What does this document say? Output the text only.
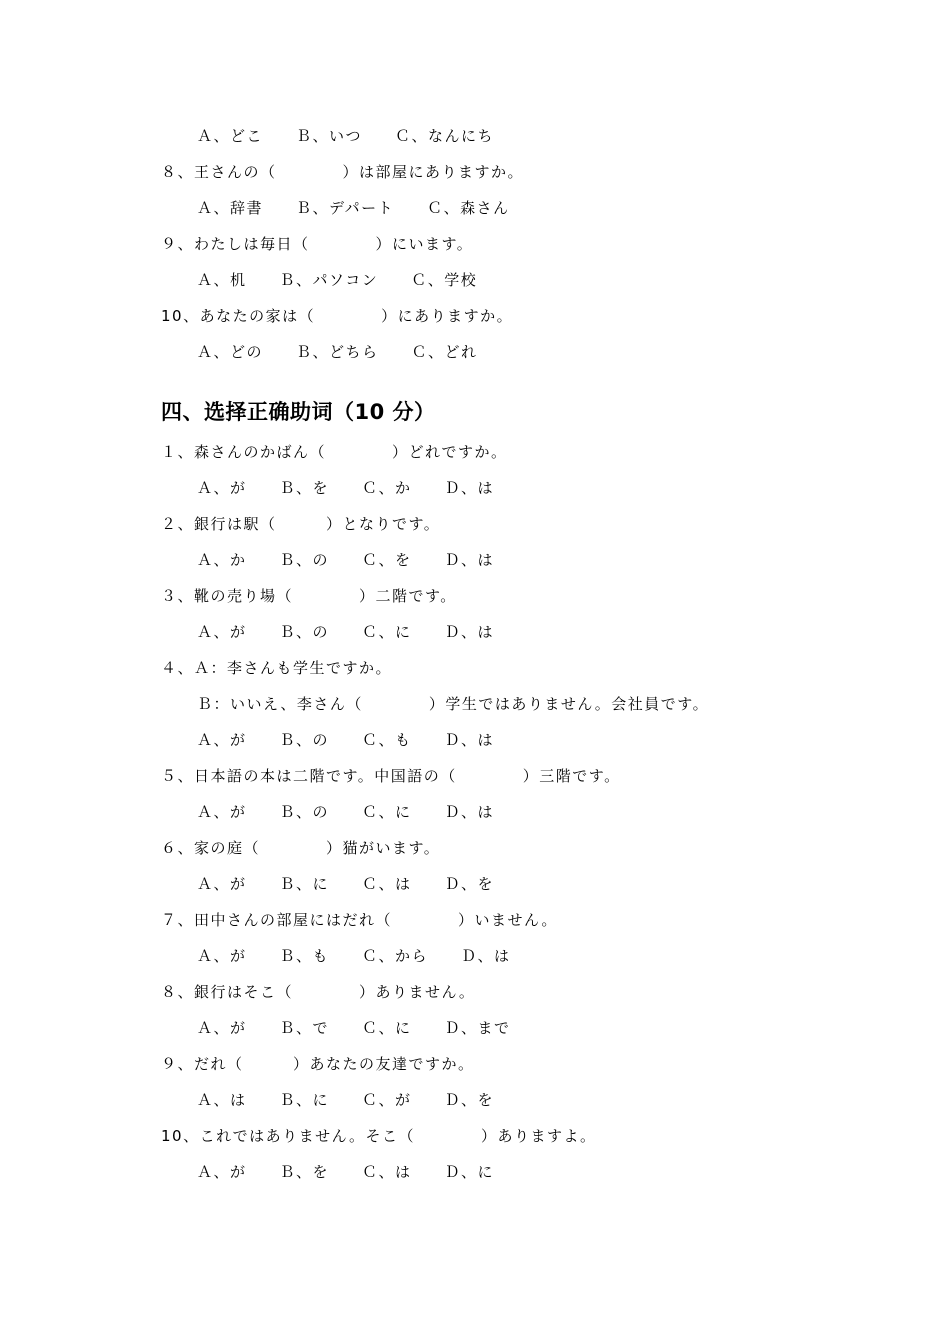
Ａ、どこ　　Ｂ、いつ　　Ｃ、なんにち

８、王さんの（　　　　）は部屋にありますか。

Ａ、辞書　　Ｂ、デパート　　Ｃ、森さん

９、わたしは毎日（　　　　）にいます。

Ａ、机　　Ｂ、パソコン　　Ｃ、学校

10、あなたの家は（　　　　）にありますか。

Ａ、どの　　Ｂ、どちら　　Ｃ、どれ

四、选择正确助词（10 分）

１、森さんのかばん（　　　　）どれですか。

Ａ、が　　Ｂ、を　　Ｃ、か　　Ｄ、は

２、銀行は駅（　　　）となりです。

Ａ、か　　Ｂ、の　　Ｃ、を　　Ｄ、は

３、靴の売り場（　　　　）二階です。

Ａ、が　　Ｂ、の　　Ｃ、に　　Ｄ、は

４、Ａ：李さんも学生ですか。

Ｂ：いいえ、李さん（　　　　）学生ではありません。会社員です。

Ａ、が　　Ｂ、の　　Ｃ、も　　Ｄ、は

５、日本語の本は二階です。中国語の（　　　　）三階です。

Ａ、が　　Ｂ、の　　Ｃ、に　　Ｄ、は

６、家の庭（　　　　）猫がいます。

Ａ、が　　Ｂ、に　　Ｃ、は　　Ｄ、を

７、田中さんの部屋にはだれ（　　　　）いません。

Ａ、が　　Ｂ、も　　Ｃ、から　　Ｄ、は

８、銀行はそこ（　　　　）ありません。

Ａ、が　　Ｂ、で　　Ｃ、に　　Ｄ、まで

９、だれ（　　　）あなたの友達ですか。

Ａ、は　　Ｂ、に　　Ｃ、が　　Ｄ、を

10、これではありません。そこ（　　　　）ありますよ。

Ａ、が　　Ｂ、を　　Ｃ、は　　Ｄ、に
